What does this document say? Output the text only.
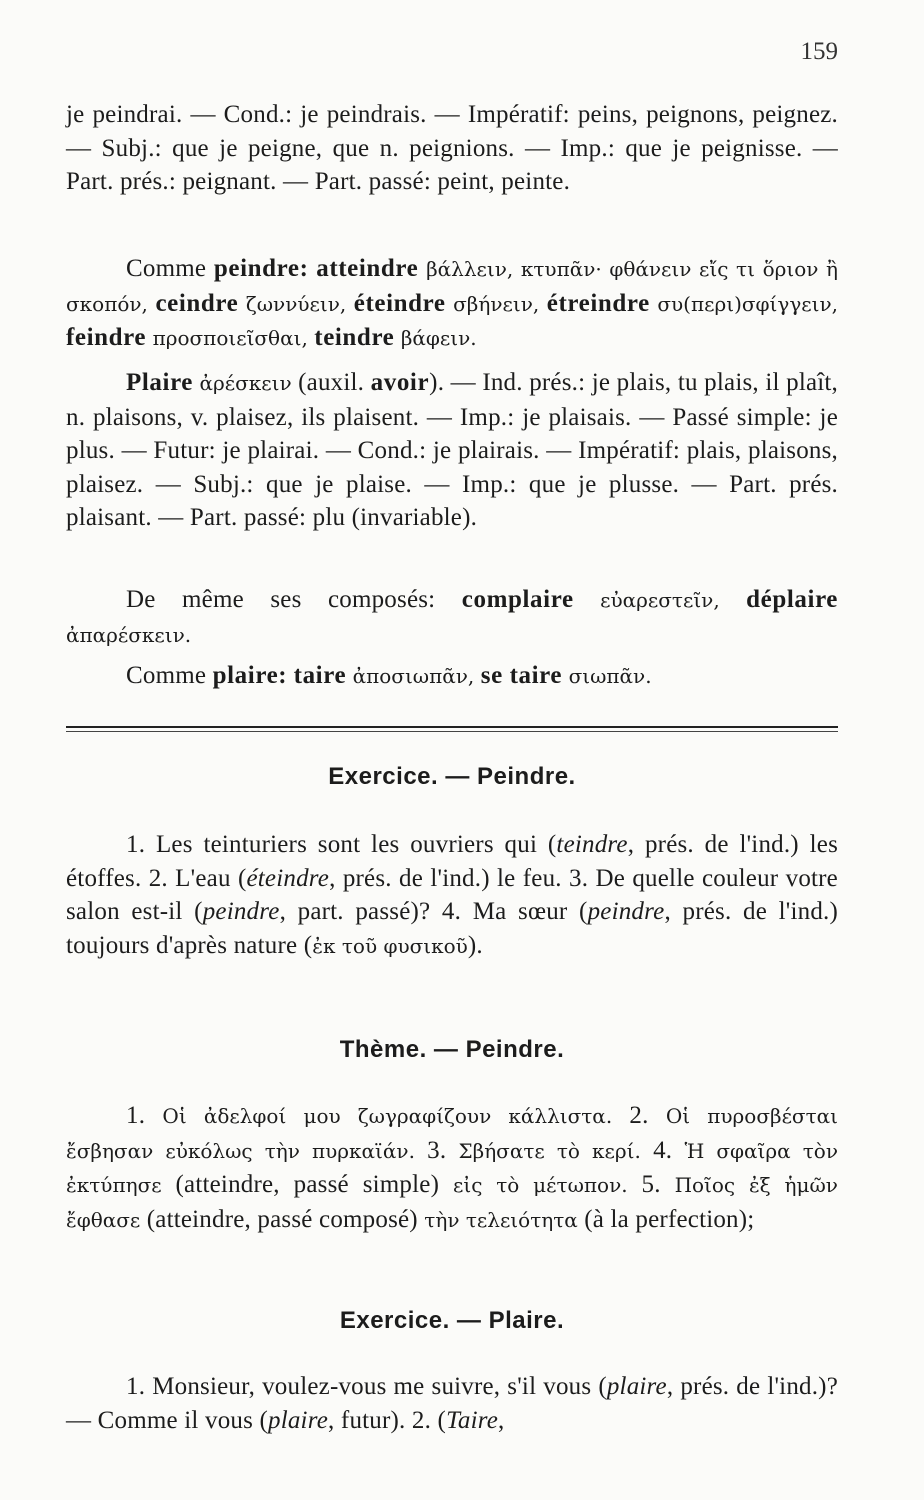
159

je peindrai. — Cond.: je peindrais. — Impératif: peins, peignons, peignez. — Subj.: que je peigne, que n. peignions. — Imp.: que je peignisse. — Part. prés.: peignant. — Part. passé: peint, peinte.

Comme peindre: atteindre βάλλειν, κτυπᾶν· φθάνειν εἴς τι ὅριον ἢ σκοπόν, ceindre ζωννύειν, éteindre σβήνειν, étreindre συ(περι)σφίγγειν, feindre προσποιεῖσθαι, teindre βάφειν.

Plaire ἀρέσκειν (auxil. avoir). — Ind. prés.: je plais, tu plais, il plaît, n. plaisons, v. plaisez, ils plaisent. — Imp.: je plaisais. — Passé simple: je plus. — Futur: je plairai. — Cond.: je plairais. — Impératif: plais, plaisons, plaisez. — Subj.: que je plaise. — Imp.: que je plusse. — Part. prés. plaisant. — Part. passé: plu (invariable).

De même ses composés: complaire εὐαρεστεῖν, déplaire ἀπαρέσκειν.

Comme plaire: taire ἀποσιωπᾶν, se taire σιωπᾶν.

Exercice. — Peindre.

1. Les teinturiers sont les ouvriers qui (teindre, prés. de l'ind.) les étoffes. 2. L'eau (éteindre, prés. de l'ind.) le feu. 3. De quelle couleur votre salon est-il (peindre, part. passé)? 4. Ma sœur (peindre, prés. de l'ind.) toujours d'après nature (ἐκ τοῦ φυσικοῦ).

Thème. — Peindre.

1. Οἱ ἀδελφοί μου ζωγραφίζουν κάλλιστα. 2. Οἱ πυροσβέσται ἔσβησαν εὐκόλως τὴν πυρκαϊάν. 3. Σβήσατε τὸ κερί. 4. Ἡ σφαῖρα τὸν ἐκτύπησε (atteindre, passé simple) εἰς τὸ μέτωπον. 5. Ποῖος ἐξ ἡμῶν ἔφθασε (atteindre, passé composé) τὴν τελειότητα (à la perfection);

Exercice. — Plaire.

1. Monsieur, voulez-vous me suivre, s'il vous (plaire, prés. de l'ind.)? — Comme il vous (plaire, futur). 2. (Taire,
